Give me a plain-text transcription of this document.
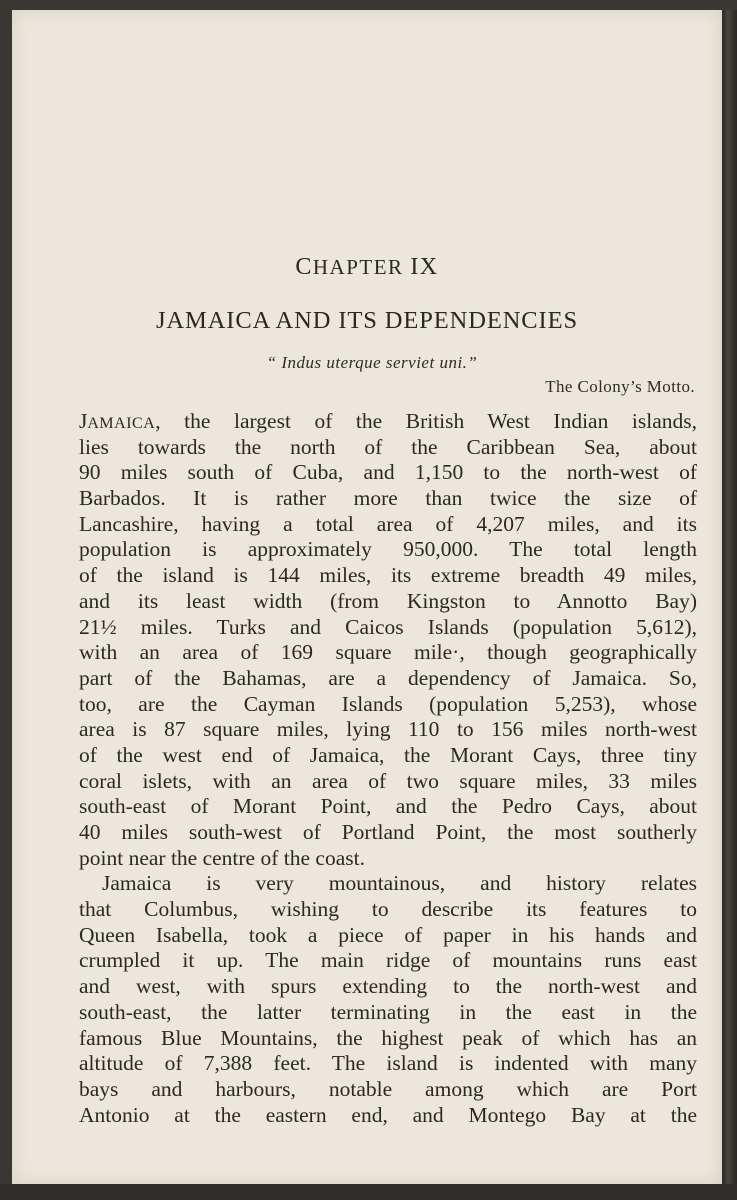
CHAPTER IX
JAMAICA AND ITS DEPENDENCIES
“ Indus uterque serviet uni.”
The Colony’s Motto.
JAMAICA, the largest of the British West Indian islands,
lies towards the north of the Caribbean Sea, about
90 miles south of Cuba, and 1,150 to the north-west of
Barbados. It is rather more than twice the size of
Lancashire, having a total area of 4,207 miles, and its
population is approximately 950,000. The total length
of the island is 144 miles, its extreme breadth 49 miles,
and its least width (from Kingston to Annotto Bay)
21½ miles. Turks and Caicos Islands (population 5,612),
with an area of 169 square mile·, though geographically
part of the Bahamas, are a dependency of Jamaica. So,
too, are the Cayman Islands (population 5,253), whose
area is 87 square miles, lying 110 to 156 miles north-west
of the west end of Jamaica, the Morant Cays, three tiny
coral islets, with an area of two square miles, 33 miles
south-east of Morant Point, and the Pedro Cays, about
40 miles south-west of Portland Point, the most southerly
point near the centre of the coast.
Jamaica is very mountainous, and history relates
that Columbus, wishing to describe its features to
Queen Isabella, took a piece of paper in his hands and
crumpled it up. The main ridge of mountains runs east
and west, with spurs extending to the north-west and
south-east, the latter terminating in the east in the
famous Blue Mountains, the highest peak of which has an
altitude of 7,388 feet. The island is indented with many
bays and harbours, notable among which are Port
Antonio at the eastern end, and Montego Bay at the
